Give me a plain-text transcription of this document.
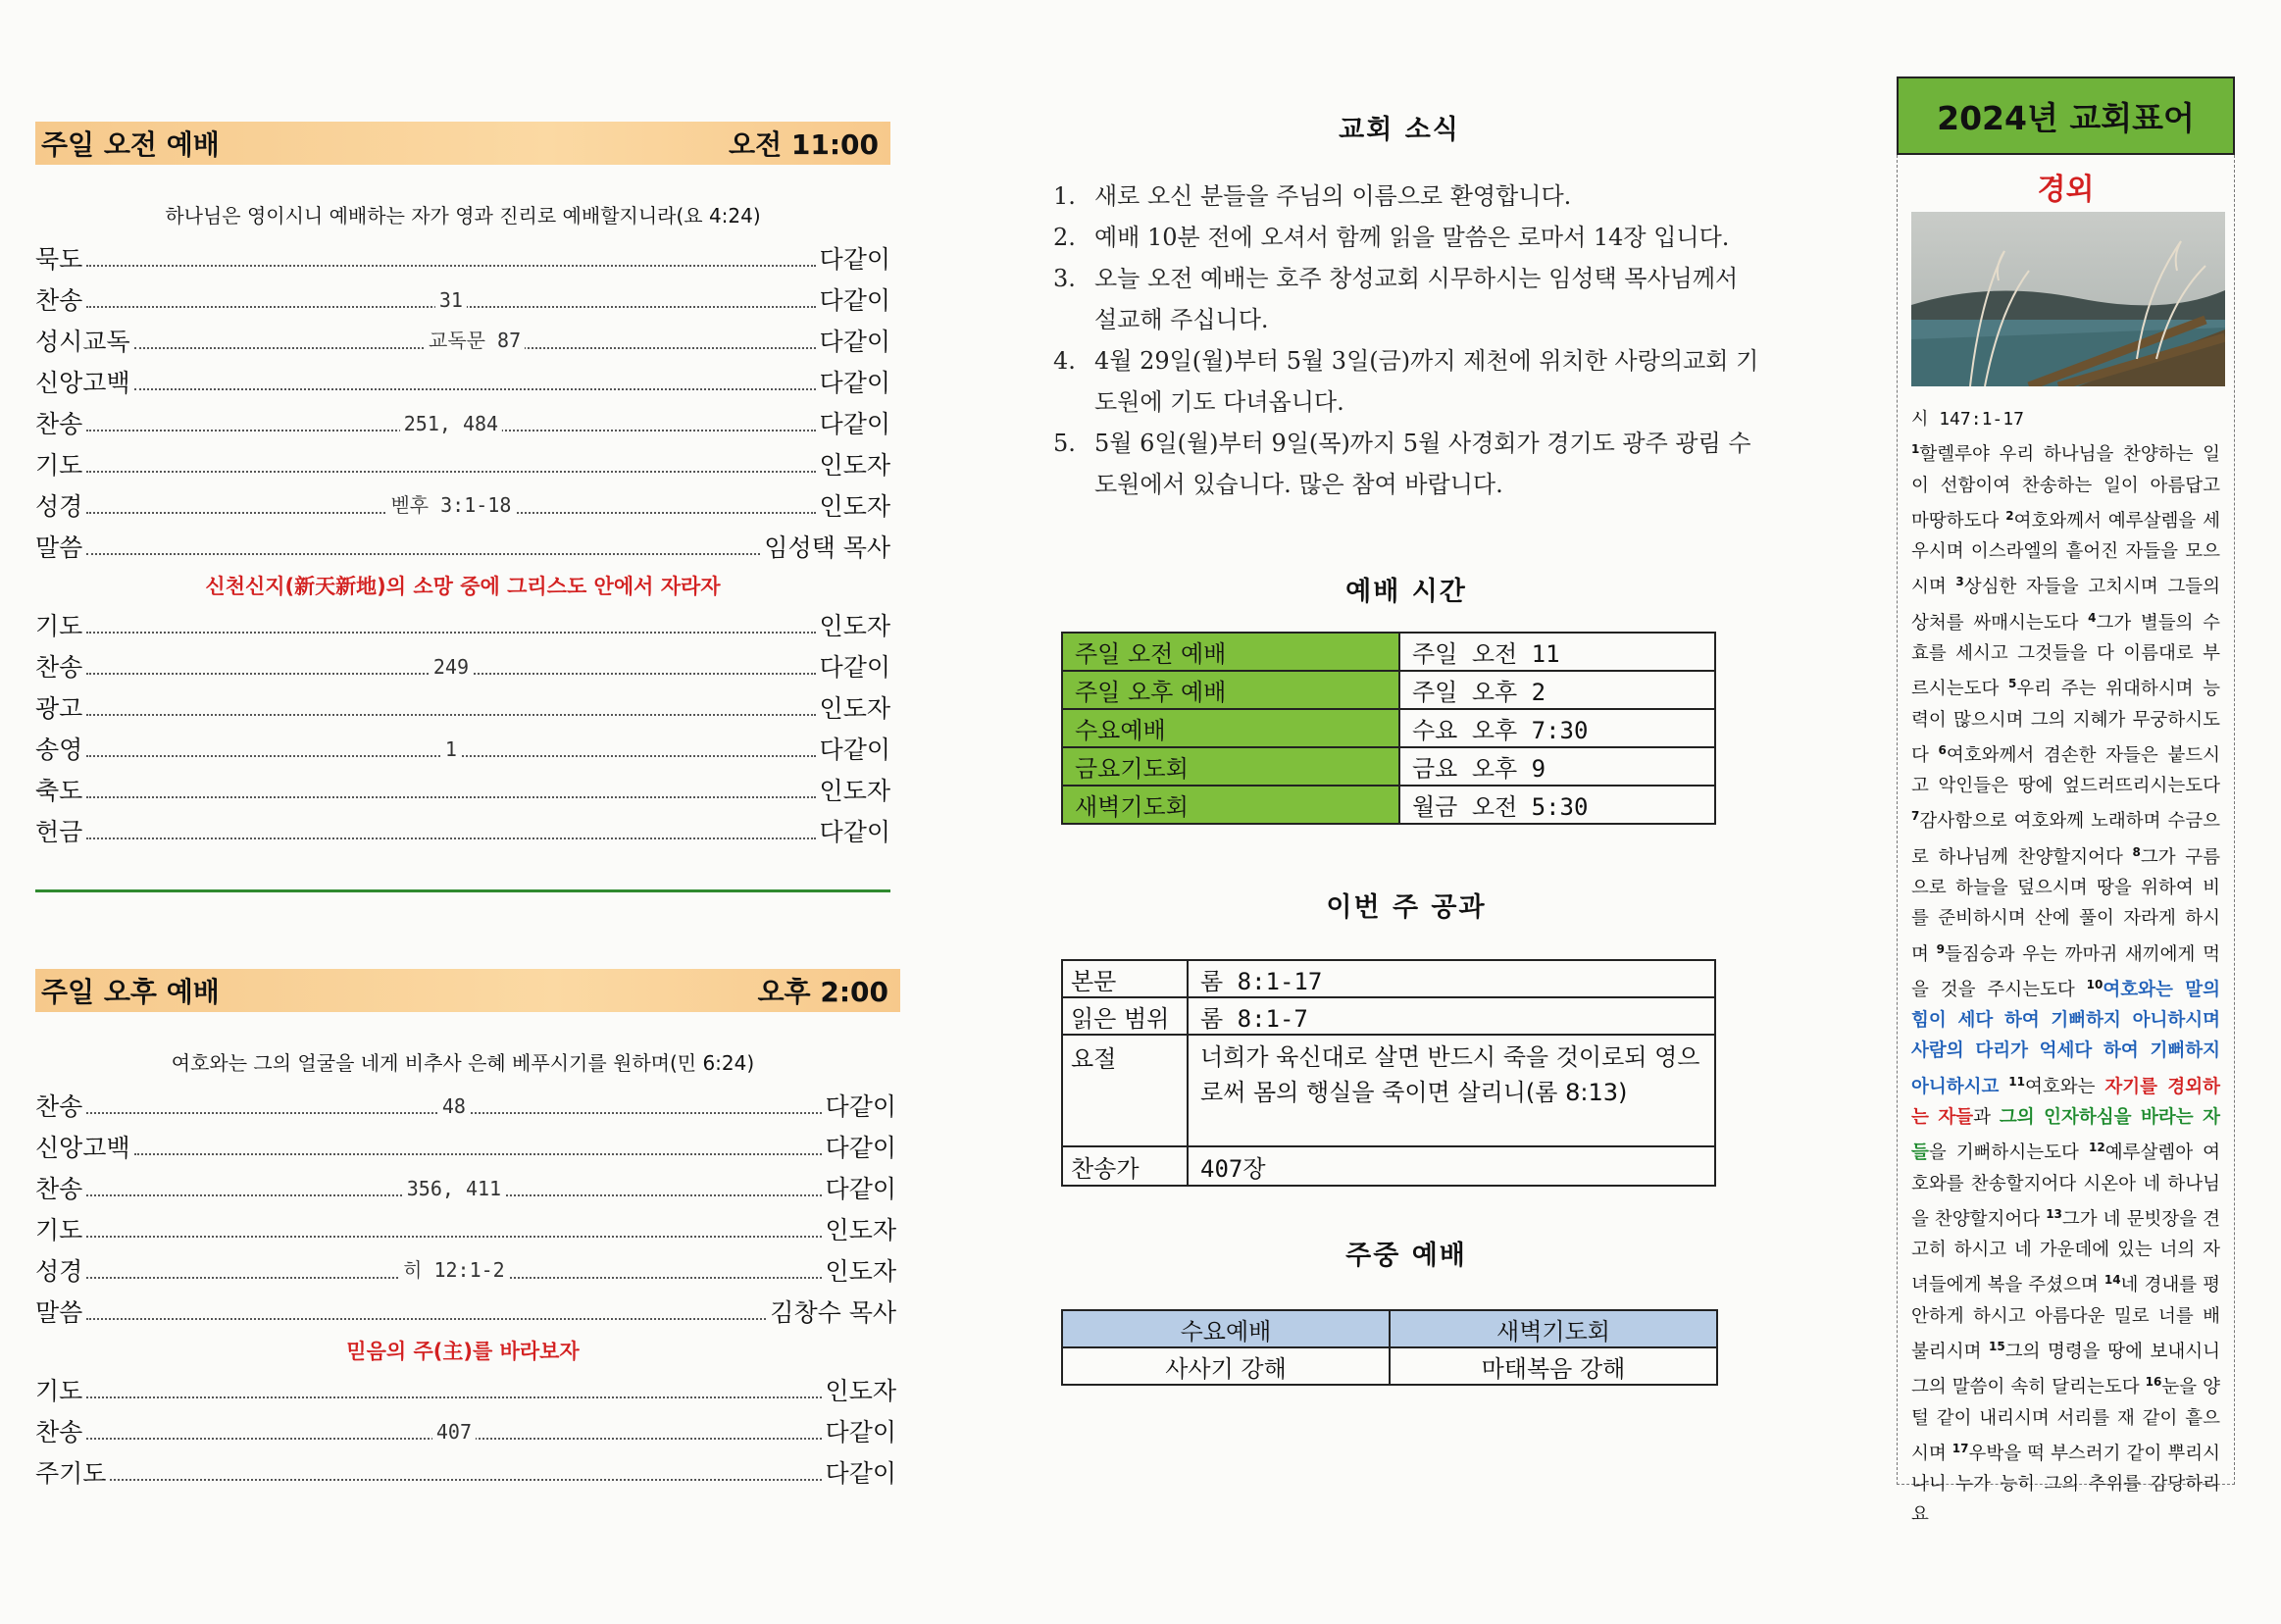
주일 오전 예배	오전 11:00
하나님은 영이시니 예배하는 자가 영과 진리로 예배할지니라(요 4:24)
묵도	다같이
찬송	31	다같이
성시교독	교독문 87	다같이
신앙고백	다같이
찬송	251, 484	다같이
기도	인도자
성경	벧후 3:1-18	인도자
말씀	임성택 목사
신천신지(新天新地)의 소망 중에 그리스도 안에서 자라자
기도	인도자
찬송	249	다같이
광고	인도자
송영	1	다같이
축도	인도자
헌금	다같이
주일 오후 예배	오후 2:00
여호와는 그의 얼굴을 네게 비추사 은혜 베푸시기를 원하며(민 6:24)
찬송	48	다같이
신앙고백	다같이
찬송	356, 411	다같이
기도	인도자
성경	히 12:1-2	인도자
말씀	김창수 목사
믿음의 주(主)를 바라보자
기도	인도자
찬송	407	다같이
주기도	다같이
교회 소식
1. 새로 오신 분들을 주님의 이름으로 환영합니다.
2. 예배 10분 전에 오셔서 함께 읽을 말씀은 로마서 14장 입니다.
3. 오늘 오전 예배는 호주 창성교회 시무하시는 임성택 목사님께서 설교해 주십니다.
4. 4월 29일(월)부터 5월 3일(금)까지 제천에 위치한 사랑의교회 기도원에 기도 다녀옵니다.
5. 5월 6일(월)부터 9일(목)까지 5월 사경회가 경기도 광주 광림 수도원에서 있습니다. 많은 참여 바랍니다.
예배 시간
주일 오전 예배	주일 오전 11
주일 오후 예배	주일 오후 2
수요예배	수요 오후 7:30
금요기도회	금요 오후 9
새벽기도회	월금 오전 5:30
이번 주 공과
본문	롬 8:1-17
읽은 범위	롬 8:1-7
요절	너희가 육신대로 살면 반드시 죽을 것이로되 영으로써 몸의 행실을 죽이면 살리니(롬 8:13)
찬송가	407장
주중 예배
수요예배	새벽기도회
사사기 강해	마태복음 강해
2024년 교회표어
경외
시 147:1-17
$^1$할렐루야 우리 하나님을 찬양하는 일이 선함이여 찬송하는 일이 아름답고 마땅하도다 $^2$여호와께서 예루살렘을 세우시며 이스라엘의 흩어진 자들을 모으시며 $^3$상심한 자들을 고치시며 그들의 상처를 싸매시는도다 $^4$그가 별들의 수효를 세시고 그것들을 다 이름대로 부르시는도다 $^5$우리 주는 위대하시며 능력이 많으시며 그의 지혜가 무궁하시도다 $^6$여호와께서 겸손한 자들은 붙드시고 악인들은 땅에 엎드러뜨리시는도다 $^7$감사함으로 여호와께 노래하며 수금으로 하나님께 찬양할지어다 $^8$그가 구름으로 하늘을 덮으시며 땅을 위하여 비를 준비하시며 산에 풀이 자라게 하시며 $^9$들짐승과 우는 까마귀 새끼에게 먹을 것을 주시는도다 $^{10}$여호와는 말의 힘이 세다 하여 기뻐하지 아니하시며 사람의 다리가 억세다 하여 기뻐하지 아니하시고 $^{11}$여호와는 자기를 경외하는 자들과 그의 인자하심을 바라는 자들을 기뻐하시는도다 $^{12}$예루살렘아 여호와를 찬송할지어다 시온아 네 하나님을 찬양할지어다 $^{13}$그가 네 문빗장을 견고히 하시고 네 가운데에 있는 너의 자녀들에게 복을 주셨으며 $^{14}$네 경내를 평안하게 하시고 아름다운 밀로 너를 배불리시며 $^{15}$그의 명령을 땅에 보내시니 그의 말씀이 속히 달리는도다 $^{16}$눈을 양털 같이 내리시며 서리를 재 같이 흩으시며 $^{17}$우박을 떡 부스러기 같이 뿌리시나니 누가 능히 그의 추위를 감당하리요
